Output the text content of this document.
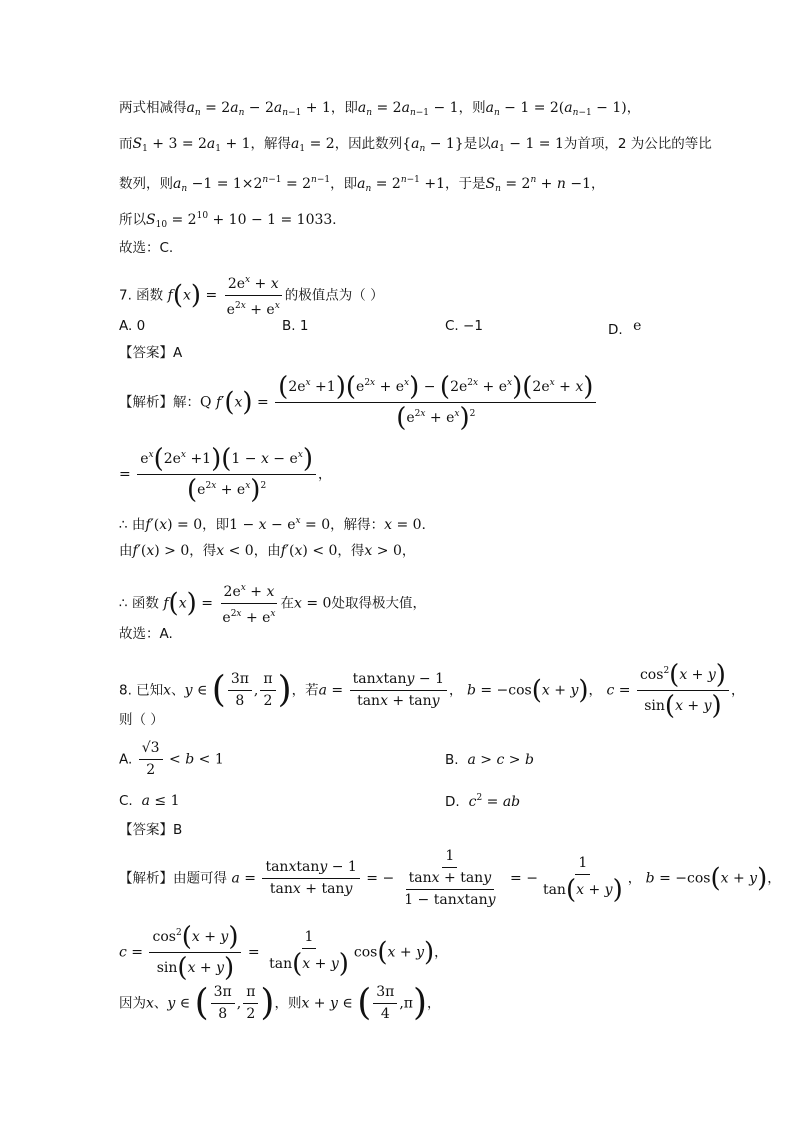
两式相减得$a_n = 2a_n - 2a_{n-1} + 1$，即$a_n = 2a_{n-1} - 1$，则$a_n - 1 = 2(a_{n-1} - 1)$，
而$S_1 + 3 = 2a_1 + 1$，解得$a_1 = 2$，因此数列$\{a_n - 1\}$是以$a_1 - 1 = 1$为首项，2 为公比的等比
数列，则$a_n -1 = 1\times 2^{n-1} = 2^{n-1}$，即$a_n = 2^{n-1} +1$，于是$S_n = 2^n + n -1$，
所以$S_{10} = 2^{10} + 10 - 1 = 1033$．
故选：C.
7. 函数 $f(x) = \frac{2e^x + x}{e^{2x} + e^x}$ 的极值点为（ ）
A. 0	B. 1	C. −1	D. e
【答案】A
【解析】解：Q $f'(x) = \frac{(2e^x +1)(e^{2x} + e^x) - (2e^{2x} + e^x)(2e^x + x)}{(e^{2x} + e^x)^2}$
= $\frac{e^x(2e^x +1)(1 - x - e^x)}{(e^{2x} + e^x)^2}$ ，
∴ 由f′(x) = 0，即$1 - x - e^x = 0$，解得：x = 0．
由f′(x) > 0，得x < 0，由f′(x) < 0，得x > 0，
∴ 函数 $f(x) = \frac{2e^x + x}{e^{2x} + e^x}$ 在x = 0处取得极大值，
故选：A.
8. 已知x、y ∈ ( $\frac{3\pi}{8}$ , $\frac{\pi}{2}$ )，若$a = \frac{\text{tanxtany − 1}}{\tan x + \tan y}$ ， b = −cos(x + y)， $c = \frac{\cos^2(x + y)}{\sin(x + y)}$ ，
则（ ）
A. $\frac{√3}{2} < b < 1$	B. a > c > b
C. a ≤ 1	D. $c^2$ = ab
【答案】B
【解析】由题可得 $a = \frac{\text{tanxtany − 1}}{\tan x + \tan y}$ = − $\frac{1}{\frac{\tan x + \tan y}{\text{1 − tanxtany}}}$ = − $\frac{1}{\tan(x + y)}$ ， b = −cos(x + y)，
$c = \frac{\cos^2(x + y)}{\sin(x + y)} = \frac{1}{\tan(x + y)} \cos(x + y)$，
因为x、y ∈ ( $\frac{3\pi}{8}$ , $\frac{\pi}{2}$ )，则x + y ∈ ( $\frac{3\pi}{4} ,\pi$)，
